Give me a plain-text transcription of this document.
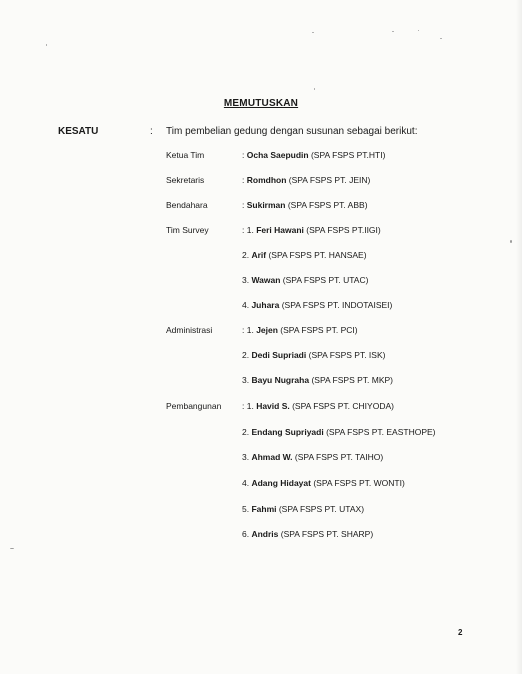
MEMUTUSKAN
KESATU	: Tim pembelian gedung dengan susunan sebagai berikut:
Ketua Tim	: Ocha Saepudin (SPA FSPS PT.HTI)
Sekretaris	: Romdhon (SPA FSPS PT. JEIN)
Bendahara	: Sukirman (SPA FSPS PT. ABB)
Tim Survey	: 1. Feri Hawani (SPA FSPS PT.IIGI)
2. Arif (SPA FSPS PT. HANSAE)
3. Wawan (SPA FSPS PT. UTAC)
4. Juhara (SPA FSPS PT. INDOTAISEI)
Administrasi	: 1. Jejen (SPA FSPS PT. PCI)
2. Dedi Supriadi (SPA FSPS PT. ISK)
3. Bayu Nugraha (SPA FSPS PT. MKP)
Pembangunan : 1. Havid S. (SPA FSPS PT. CHIYODA)
2. Endang Supriyadi (SPA FSPS PT. EASTHOPE)
3. Ahmad W. (SPA FSPS PT. TAIHO)
4. Adang Hidayat (SPA FSPS PT. WONTI)
5. Fahmi (SPA FSPS PT. UTAX)
6. Andris (SPA FSPS PT. SHARP)
2
